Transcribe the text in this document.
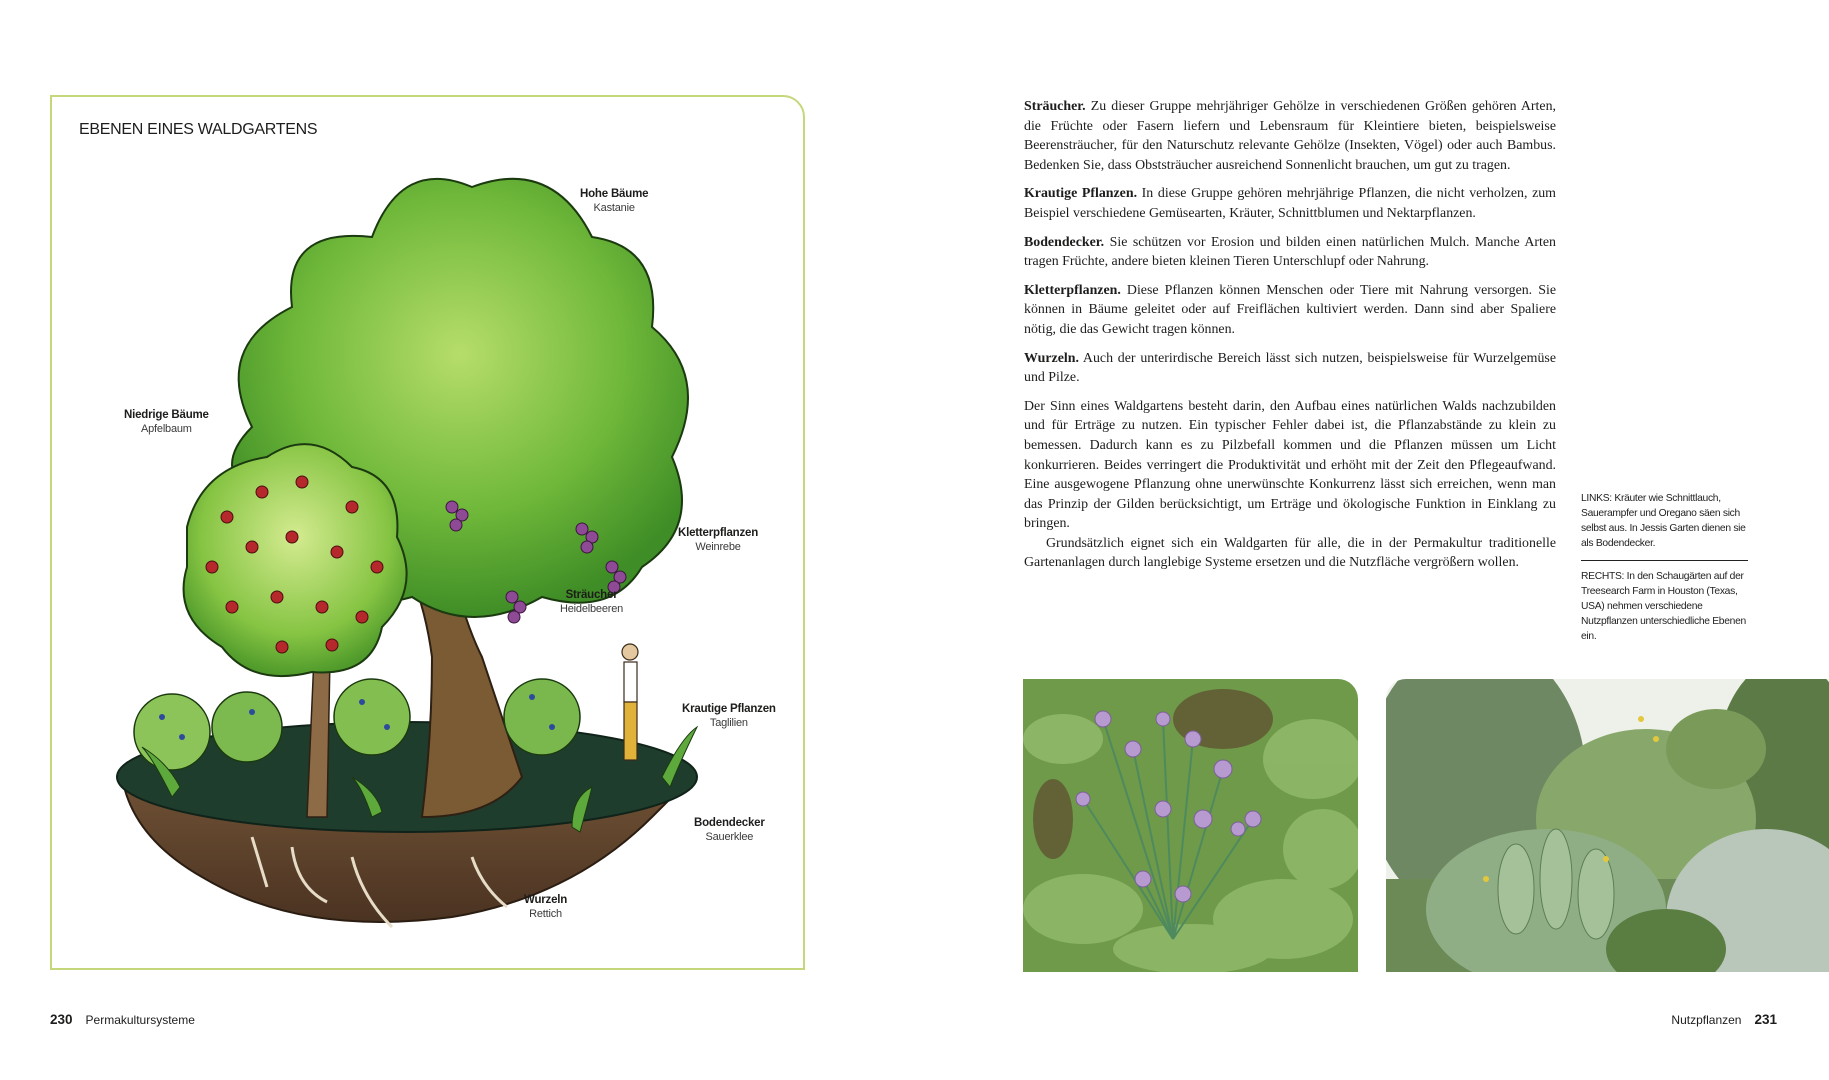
EBENEN EINES WALDGARTENS
Hohe Bäume
Kastanie
Niedrige Bäume
Apfelbaum
Kletterpflanzen
Weinrebe
Sträucher
Heidelbeeren
Krautige Pflanzen
Taglilien
Bodendecker
Sauerklee
Wurzeln
Rettich
230 Permakultursysteme

Sträucher. Zu dieser Gruppe mehrjähriger Gehölze in verschiedenen Größen gehören Arten, die Früchte oder Fasern liefern und Lebensraum für Kleintiere bieten, beispielsweise Beerensträucher, für den Naturschutz relevante Gehölze (Insekten, Vögel) oder auch Bambus. Bedenken Sie, dass Obststräucher ausreichend Sonnenlicht brauchen, um gut zu tragen.

Krautige Pflanzen. In diese Gruppe gehören mehrjährige Pflanzen, die nicht verholzen, zum Beispiel verschiedene Gemüsearten, Kräuter, Schnittblumen und Nektarpflanzen.

Bodendecker. Sie schützen vor Erosion und bilden einen natürlichen Mulch. Manche Arten tragen Früchte, andere bieten kleinen Tieren Unterschlupf oder Nahrung.

Kletterpflanzen. Diese Pflanzen können Menschen oder Tiere mit Nahrung versorgen. Sie können in Bäume geleitet oder auf Freiflächen kultiviert werden. Dann sind aber Spaliere nötig, die das Gewicht tragen können.

Wurzeln. Auch der unterirdische Bereich lässt sich nutzen, beispielsweise für Wurzelgemüse und Pilze.

Der Sinn eines Waldgartens besteht darin, den Aufbau eines natürlichen Walds nachzubilden und für Erträge zu nutzen. Ein typischer Fehler dabei ist, die Pflanzabstände zu klein zu bemessen. Dadurch kann es zu Pilzbefall kommen und die Pflanzen müssen um Licht konkurrieren. Beides verringert die Produktivität und erhöht mit der Zeit den Pflegeaufwand. Eine ausgewogene Pflanzung ohne unerwünschte Konkurrenz lässt sich erreichen, wenn man das Prinzip der Gilden berücksichtigt, um Erträge und ökologische Funktion in Einklang zu bringen.

Grundsätzlich eignet sich ein Waldgarten für alle, die in der Permakultur traditionelle Gartenanlagen durch langlebige Systeme ersetzen und die Nutzfläche vergrößern wollen.

LINKS: Kräuter wie Schnittlauch, Sauerampfer und Oregano säen sich selbst aus. In Jessis Garten dienen sie als Bodendecker.
RECHTS: In den Schaugärten auf der Treesearch Farm in Houston (Texas, USA) nehmen verschiedene Nutzpflanzen unterschiedliche Ebenen ein.
Nutzpflanzen 231
